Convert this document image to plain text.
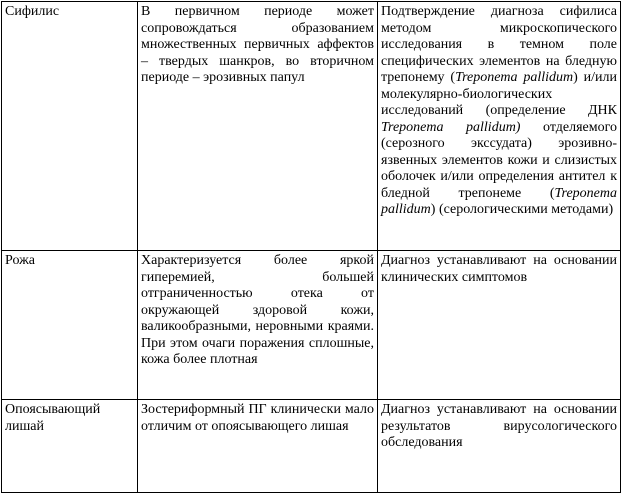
Сифилис	В первичном периоде может сопровождаться образованием множественных первичных аффектов – твердых шанкров, во вторичном периоде – эрозивных папул	Подтверждение диагноза сифилиса методом микроскопического исследования в темном поле специфических элементов на бледную трепонему (Treponema pallidum) и/или молекулярно-биологических исследований (определение ДНК Treponema pallidum) отделяемого (серозного экссудата) эрозивно-язвенных элементов кожи и слизистых оболочек и/или определения антител к бледной трепонеме (Treponema pallidum) (серологическими методами)
Рожа	Характеризуется более яркой гиперемией, большей отграниченностью отека от окружающей здоровой кожи, валикообразными, неровными краями. При этом очаги поражения сплошные, кожа более плотная	Диагноз устанавливают на основании клинических симптомов
Опоясывающий лишай	Зостериформный ПГ клинически мало отличим от опоясывающего лишая	Диагноз устанавливают на основании результатов вирусологического обследования
